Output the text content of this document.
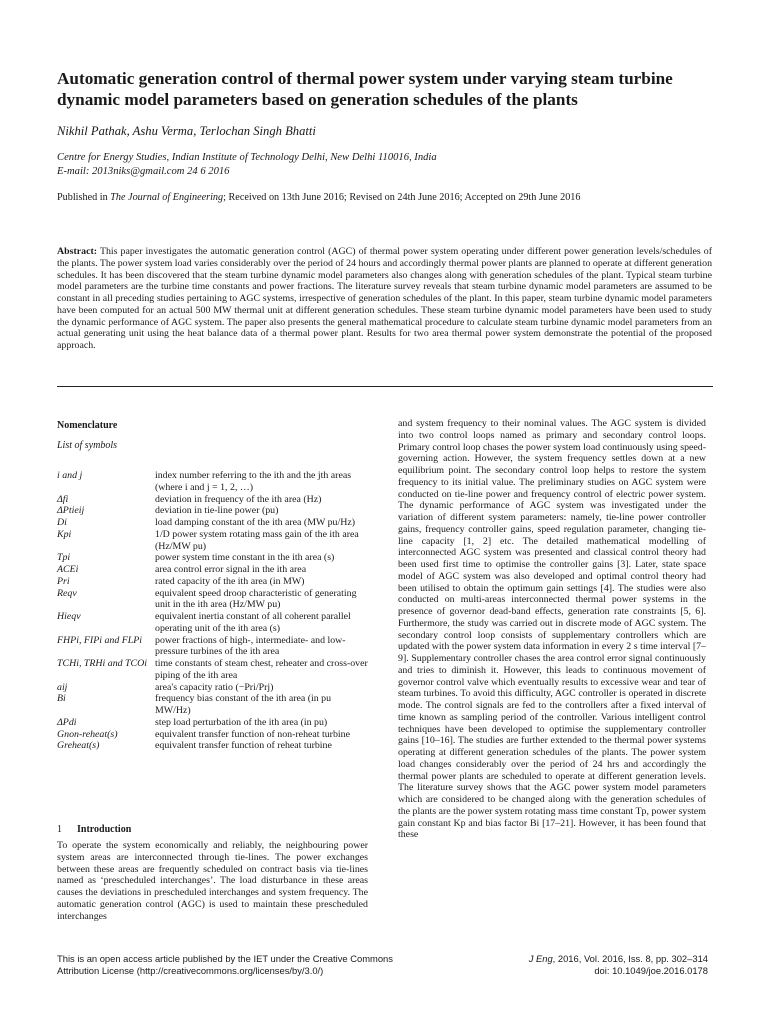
Automatic generation control of thermal power system under varying steam turbine dynamic model parameters based on generation schedules of the plants
Nikhil Pathak, Ashu Verma, Terlochan Singh Bhatti
Centre for Energy Studies, Indian Institute of Technology Delhi, New Delhi 110016, India
E-mail: 2013niks@gmail.com 24 6 2016
Published in The Journal of Engineering; Received on 13th June 2016; Revised on 24th June 2016; Accepted on 29th June 2016

Abstract: This paper investigates the automatic generation control (AGC) of thermal power system operating under different power generation levels/schedules of the plants. The power system load varies considerably over the period of 24 hours and accordingly thermal power plants are planned to operate at different generation schedules. It has been discovered that the steam turbine dynamic model parameters also changes along with generation schedules of the plant. Typical steam turbine model parameters are the turbine time constants and power fractions. The literature survey reveals that steam turbine dynamic model parameters are assumed to be constant in all preceding studies pertaining to AGC systems, irrespective of generation schedules of the plant. In this paper, steam turbine dynamic model parameters have been computed for an actual 500 MW thermal unit at different generation schedules. These steam turbine dynamic model parameters have been used to study the dynamic performance of AGC system. The paper also presents the general mathematical procedure to calculate steam turbine dynamic model parameters from an actual generating unit using the heat balance data of a thermal power plant. Results for two area thermal power system demonstrate the potential of the proposed approach.

Nomenclature

List of symbols

i and j	index number referring to the ith and the jth areas (where i and j = 1, 2, …)
Δfi	deviation in frequency of the ith area (Hz)
ΔPtieij	deviation in tie-line power (pu)
Di	load damping constant of the ith area (MW pu/Hz)
Kpi	1/D power system rotating mass gain of the ith area (Hz/MW pu)
Tpi	power system time constant in the ith area (s)
ACEi	area control error signal in the ith area
Pri	rated capacity of the ith area (in MW)
Reqv	equivalent speed droop characteristic of generating unit in the ith area (Hz/MW pu)
Hieqv	equivalent inertia constant of all coherent parallel operating unit of the ith area (s)
FHPi, FIPi and FLPi	power fractions of high-, intermediate- and low-pressure turbines of the ith area
TCHi, TRHi and TCOi	time constants of steam chest, reheater and cross-over piping of the ith area
aij	area's capacity ratio (−Pri/Prj)
Bi	frequency bias constant of the ith area (in pu MW/Hz)
ΔPdi	step load perturbation of the ith area (in pu)
Gnon-reheat(s)	equivalent transfer function of non-reheat turbine
Greheat(s)	equivalent transfer function of reheat turbine

1 Introduction

To operate the system economically and reliably, the neighbouring power system areas are interconnected through tie-lines. The power exchanges between these areas are frequently scheduled on contract basis via tie-lines named as ‘prescheduled interchanges’. The load disturbance in these areas causes the deviations in prescheduled interchanges and system frequency. The automatic generation control (AGC) is used to maintain these prescheduled interchanges

and system frequency to their nominal values. The AGC system is divided into two control loops named as primary and secondary control loops. Primary control loop chases the power system load continuously using speed-governing action. However, the system frequency settles down at a new equilibrium point. The secondary control loop helps to restore the system frequency to its initial value. The preliminary studies on AGC system were conducted on tie-line power and frequency control of electric power system. The dynamic performance of AGC system was investigated under the variation of different system parameters: namely, tie-line power controller gains, frequency controller gains, speed regulation parameter, changing tie-line capacity [1, 2] etc. The detailed mathematical modelling of interconnected AGC system was presented and classical control theory had been used first time to optimise the controller gains [3]. Later, state space model of AGC system was also developed and optimal control theory had been utilised to obtain the optimum gain settings [4]. The studies were also conducted on multi-areas interconnected thermal power systems in the presence of governor dead-band effects, generation rate constraints [5, 6]. Furthermore, the study was carried out in discrete mode of AGC system. The secondary control loop consists of supplementary controllers which are updated with the power system data information in every 2 s time interval [7–9]. Supplementary controller chases the area control error signal continuously and tries to diminish it. However, this leads to continuous movement of governor control valve which eventually results to excessive wear and tear of steam turbines. To avoid this difficulty, AGC controller is operated in discrete mode. The control signals are fed to the controllers after a fixed interval of time known as sampling period of the controller. Various intelligent control techniques have been developed to optimise the supplementary controller gains [10–16]. The studies are further extended to the thermal power systems operating at different generation schedules of the plants. The power system load changes considerably over the period of 24 hrs and accordingly the thermal power plants are scheduled to operate at different generation levels. The literature survey shows that the AGC power system model parameters which are considered to be changed along with the generation schedules of the plants are the power system rotating mass time constant Tp, power system gain constant Kp and bias factor Bi [17–21]. However, it has been found that these

This is an open access article published by the IET under the Creative Commons
Attribution License (http://creativecommons.org/licenses/by/3.0/)
J Eng, 2016, Vol. 2016, Iss. 8, pp. 302–314
doi: 10.1049/joe.2016.0178
